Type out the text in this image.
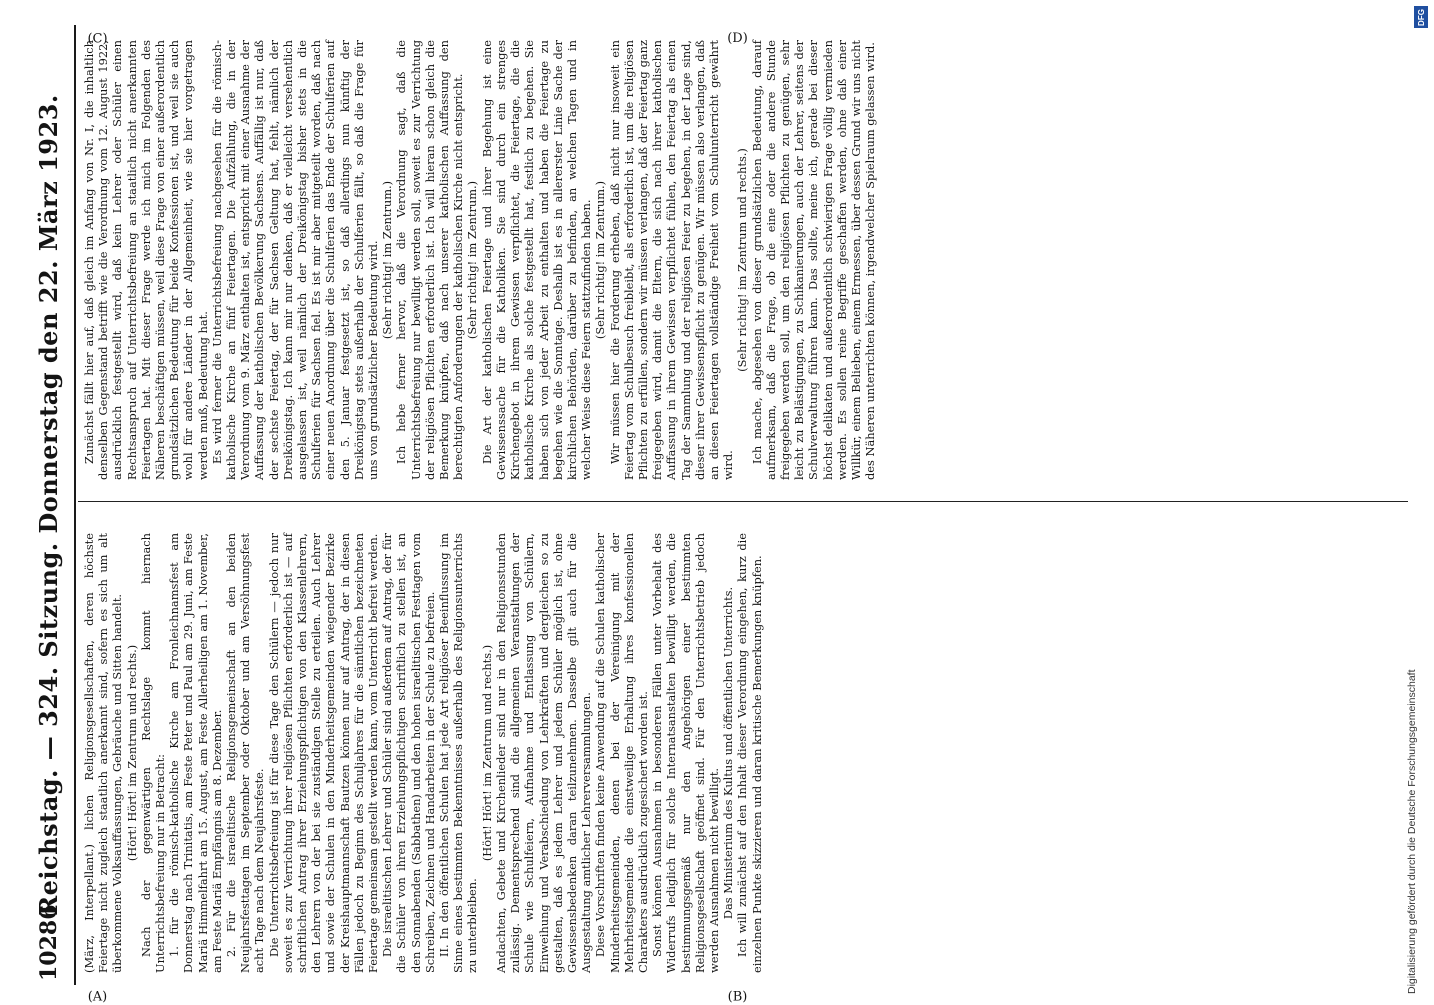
10286
Reichstag. — 324. Sitzung. Donnerstag den 22. März 1923.
(A)	(B)
(C)	(D)

(März, Interpellant.) lichen Religionsgesellschaften, deren höchste Feiertage nicht zugleich staatlich anerkannt sind, sofern es sich um alt überkommene Volksauffassungen, Gebräuche und Sitten handelt. (Hört! Hört! im Zentrum und rechts.) Nach der gegenwärtigen Rechtslage kommt hiernach Unterrichtsbefreiung nur in Betracht: 1. für die römisch-katholische Kirche am Fronleichnamsfest am Donnerstag nach Trinitatis, am Feste Peter und Paul am 29. Juni, am Feste Mariä Himmelfahrt am 15. August, am Feste Allerheiligen am 1. November, am Feste Mariä Empfängnis am 8. Dezember. 2. Für die israelitische Religionsgemeinschaft an den beiden Neujahrsfesttagen im September oder Oktober und am Versöhnungsfest acht Tage nach dem Neujahrsfeste. Die Unterrichtsbefreiung ist für diese Tage den Schülern — jedoch nur soweit es zur Verrichtung ihrer religiösen Pflichten erforderlich ist — auf schriftlichen Antrag ihrer Erziehungspflichtigen von den Klassenlehrern, den Lehrern von der bei sie zuständigen Stelle zu erteilen. Auch Lehrer und sowie der Schulen in den Minderheitsgemeinden wiegender Bezirke der Kreishauptmannschaft Bautzen können nur auf Antrag, der in diesen Fällen jedoch zu Beginn des Schuljahres für die sämtlichen bezeichneten Feiertage gemeinsam gestellt werden kann, vom Unterricht befreit werden. Die israelitischen Lehrer und Schüler sind außerdem auf Antrag, der für die Schüler von ihren Erziehungspflichtigen schriftlich zu stellen ist, an den Sonnabenden (Sabbathen) und den hohen israelitischen Festtagen vom Schreiben, Zeichnen und Handarbeiten in der Schule zu befreien. II. In den öffentlichen Schulen hat jede Art religiöser Beeinflussung im Sinne eines bestimmten Bekenntnisses außerhalb des Religionsunterrichts zu unterbleiben.

(Hört! Hört! im Zentrum und rechts.) Andachten, Gebete und Kirchenlieder sind nur in den Religionsstunden zulässig. Dementsprechend sind die allgemeinen Veranstaltungen der Schule wie Schulfeiern, Aufnahme und Entlassung von Schülern, Einweihung und Verabschiedung von Lehrkräften und dergleichen so zu gestalten, daß es jedem Lehrer und jedem Schüler möglich ist, ohne Gewissensbedenken daran teilzunehmen. Dasselbe gilt auch für die Ausgestaltung amtlicher Lehrerversammlungen. Diese Vorschriften finden keine Anwendung auf die Schulen katholischer Minderheitsgemeinden, denen bei der Vereinigung mit der Mehrheitsgemeinde die einstweilige Erhaltung ihres konfessionellen Charakters ausdrücklich zugesichert worden ist. Sonst können Ausnahmen in besonderen Fällen unter Vorbehalt des Widerrufs lediglich für solche Internatsanstalten bewilligt werden, die bestimmungsgemäß nur den Angehörigen einer bestimmten Religionsgesellschaft geöffnet sind. Für den Unterrichtsbetrieb jedoch werden Ausnahmen nicht bewilligt. Das Ministerium des Kultus und öffentlichen Unterrichts. Ich will zunächst auf den Inhalt dieser Verordnung eingehen, kurz die einzelnen Punkte skizzieren und daran kritische Bemerkungen knüpfen.

Zunächst fällt hier auf, daß gleich im Anfang von Nr. I, die inhaltlich denselben Gegenstand betrifft wie die Verordnung vom 12. August 1922, ausdrücklich festgestellt wird, daß kein Lehrer oder Schüler einen Rechtsanspruch auf Unterrichtsbefreiung an staatlich nicht anerkannten Feiertagen hat. Mit dieser Frage werde ich mich im Folgenden des Näheren beschäftigen müssen, weil diese Frage von einer außerordentlich grundsätzlichen Bedeutung für beide Konfessionen ist, und weil sie auch wohl für andere Länder in der Allgemeinheit, wie sie hier vorgetragen werden muß, Bedeutung hat. Es wird ferner die Unterrichtsbefreiung nachgesehen für die römisch-katholische Kirche an fünf Feiertagen. Die Aufzählung, die in der Verordnung vom 9. März enthalten ist, entspricht mit einer Ausnahme der Auffassung der katholischen Bevölkerung Sachsens. Auffällig ist nur, daß der sechste Feiertag, der für Sachsen Geltung hat, fehlt, nämlich der Dreikönigstag. Ich kann mir nur denken, daß er vielleicht versehentlich ausgelassen ist, weil nämlich der Dreikönigstag bisher stets in die Schulferien für Sachsen fiel. Es ist mir aber mitgeteilt worden, daß nach einer neuen Anordnung über die Schulferien das Ende der Schulferien auf den 5. Januar festgesetzt ist, so daß allerdings nun künftig der Dreikönigstag stets außerhalb der Schulferien fällt, so daß die Frage für uns von grundsätzlicher Bedeutung wird. (Sehr richtig! im Zentrum.) Ich hebe ferner hervor, daß die Verordnung sagt, daß die Unterrichtsbefreiung nur bewilligt werden soll, soweit es zur Verrichtung der religiösen Pflichten erforderlich ist. Ich will hieran schon gleich die Bemerkung knüpfen, daß nach unserer katholischen Auffassung den berechtigten Anforderungen der katholischen Kirche nicht entspricht. (Sehr richtig! im Zentrum.) Die Art der katholischen Feiertage und ihrer Begehung ist eine Gewissenssache für die Katholiken. Sie sind durch ein strenges Kirchengebot in ihrem Gewissen verpflichtet, die Feiertage, die die katholische Kirche als solche festgestellt hat, festlich zu begehen. Sie haben sich von jeder Arbeit zu enthalten und haben die Feiertage zu begehen wie die Sonntage. Deshalb ist es in allererster Linie Sache der kirchlichen Behörden, darüber zu befinden, an welchen Tagen und in welcher Weise diese Feiern stattzufinden haben. (Sehr richtig! im Zentrum.) Wir müssen hier die Forderung erheben, daß nicht nur insoweit ein Feiertag vom Schulbesuch freibleibt, als erforderlich ist, um die religiösen Pflichten zu erfüllen, sondern wir müssen verlangen, daß der Feiertag ganz freigegeben wird, damit die Eltern, die sich nach ihrer katholischen Auffassung in ihrem Gewissen verpflichtet fühlen, den Feiertag als einen Tag der Sammlung und der religiösen Feier zu begehen, in der Lage sind, dieser ihrer Gewissenspflicht zu genügen. Wir müssen also verlangen, daß an diesen Feiertagen vollständige Freiheit vom Schulunterricht gewährt wird.

(Sehr richtig! im Zentrum und rechts.) Ich mache, abgesehen von dieser grundsätzlichen Bedeutung, darauf aufmerksam, daß die Frage, ob die eine oder die andere Stunde freigegeben werden soll, um den religiösen Pflichten zu genügen, sehr leicht zu Belästigungen, zu Schikanierungen, auch der Lehrer, seitens der Schulverwaltung führen kann. Das sollte, meine ich, gerade bei dieser höchst delikaten und außerordentlich schwierigen Frage völlig vermieden werden. Es sollen reine Begriffe geschaffen werden, ohne daß einer Willkür, einem Belieben, einem Ermessen, über dessen Grund wir uns nicht des Näheren unterrichten können, irgendwelcher Spielraum gelassen wird.

Digitalisierung gefördert durch die Deutsche Forschungsgemeinschaft
DFG
